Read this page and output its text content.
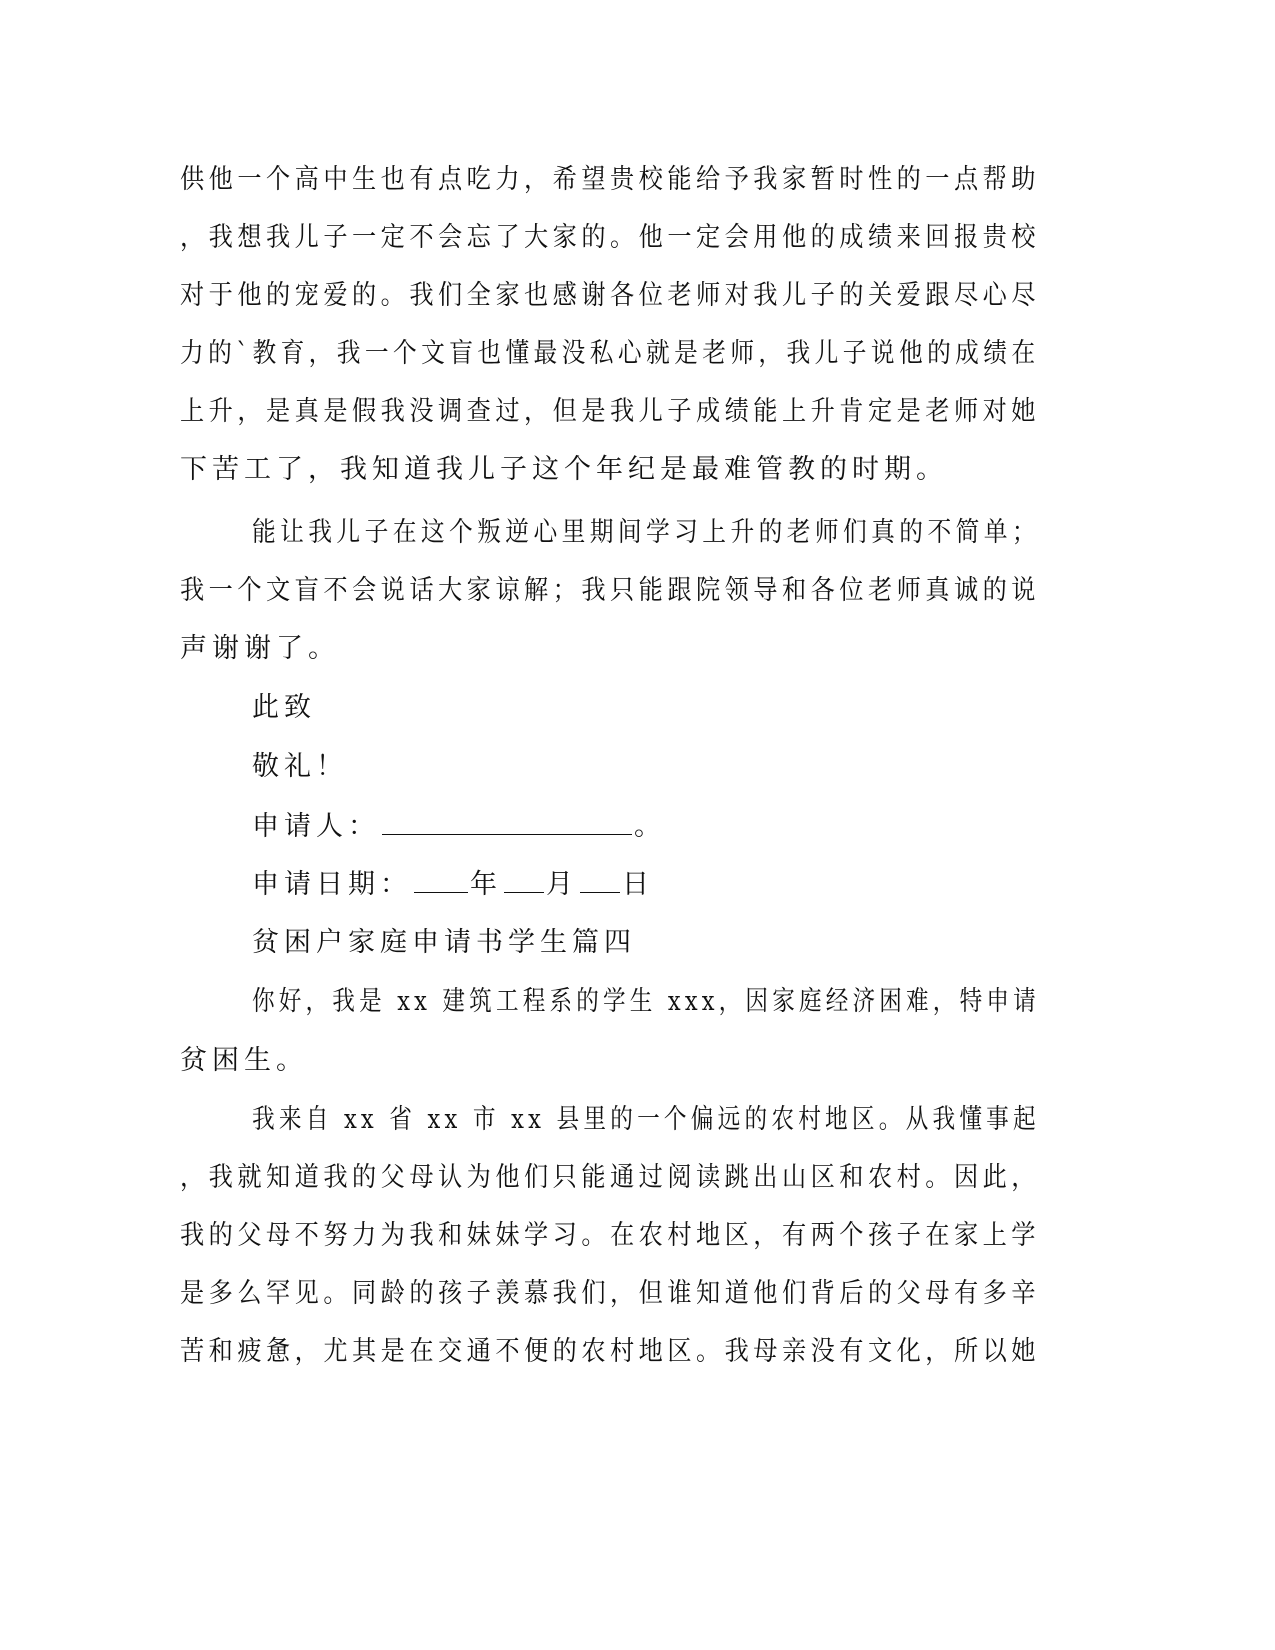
供他一个高中生也有点吃力，希望贵校能给予我家暂时性的一点帮助
，我想我儿子一定不会忘了大家的。他一定会用他的成绩来回报贵校
对于他的宠爱的。我们全家也感谢各位老师对我儿子的关爱跟尽心尽
力的`教育，我一个文盲也懂最没私心就是老师，我儿子说他的成绩在
上升，是真是假我没调查过，但是我儿子成绩能上升肯定是老师对她
下苦工了，我知道我儿子这个年纪是最难管教的时期。
能让我儿子在这个叛逆心里期间学习上升的老师们真的不简单；
我一个文盲不会说话大家谅解；我只能跟院领导和各位老师真诚的说
声谢谢了。
此致
敬礼！
申请人：	。
申请日期： 年 月 日
贫困户家庭申请书学生篇四
你好，我是 xx 建筑工程系的学生 xxx，因家庭经济困难，特申请
贫困生。
我来自 xx 省 xx 市 xx 县里的一个偏远的农村地区。从我懂事起
，我就知道我的父母认为他们只能通过阅读跳出山区和农村。因此，
我的父母不努力为我和妹妹学习。在农村地区，有两个孩子在家上学
是多么罕见。同龄的孩子羡慕我们，但谁知道他们背后的父母有多辛
苦和疲惫，尤其是在交通不便的农村地区。我母亲没有文化，所以她
